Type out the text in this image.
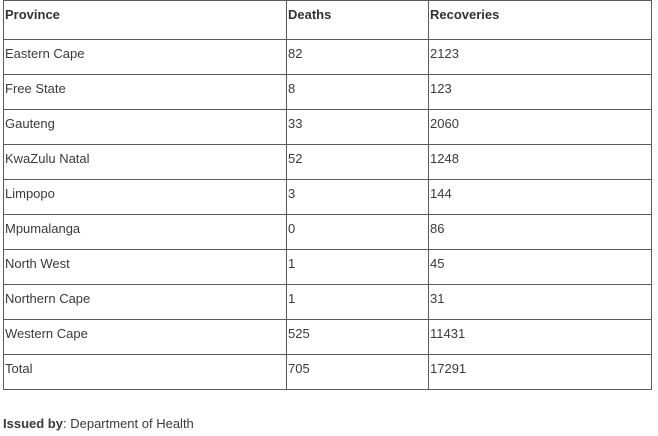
Province	Deaths	Recoveries
Eastern Cape	82	2123
Free State	8	123
Gauteng	33	2060
KwaZulu Natal	52	1248
Limpopo	3	144
Mpumalanga	0	86
North West	1	45
Northern Cape	1	31
Western Cape	525	11431
Total	705	17291
Issued by: Department of Health
